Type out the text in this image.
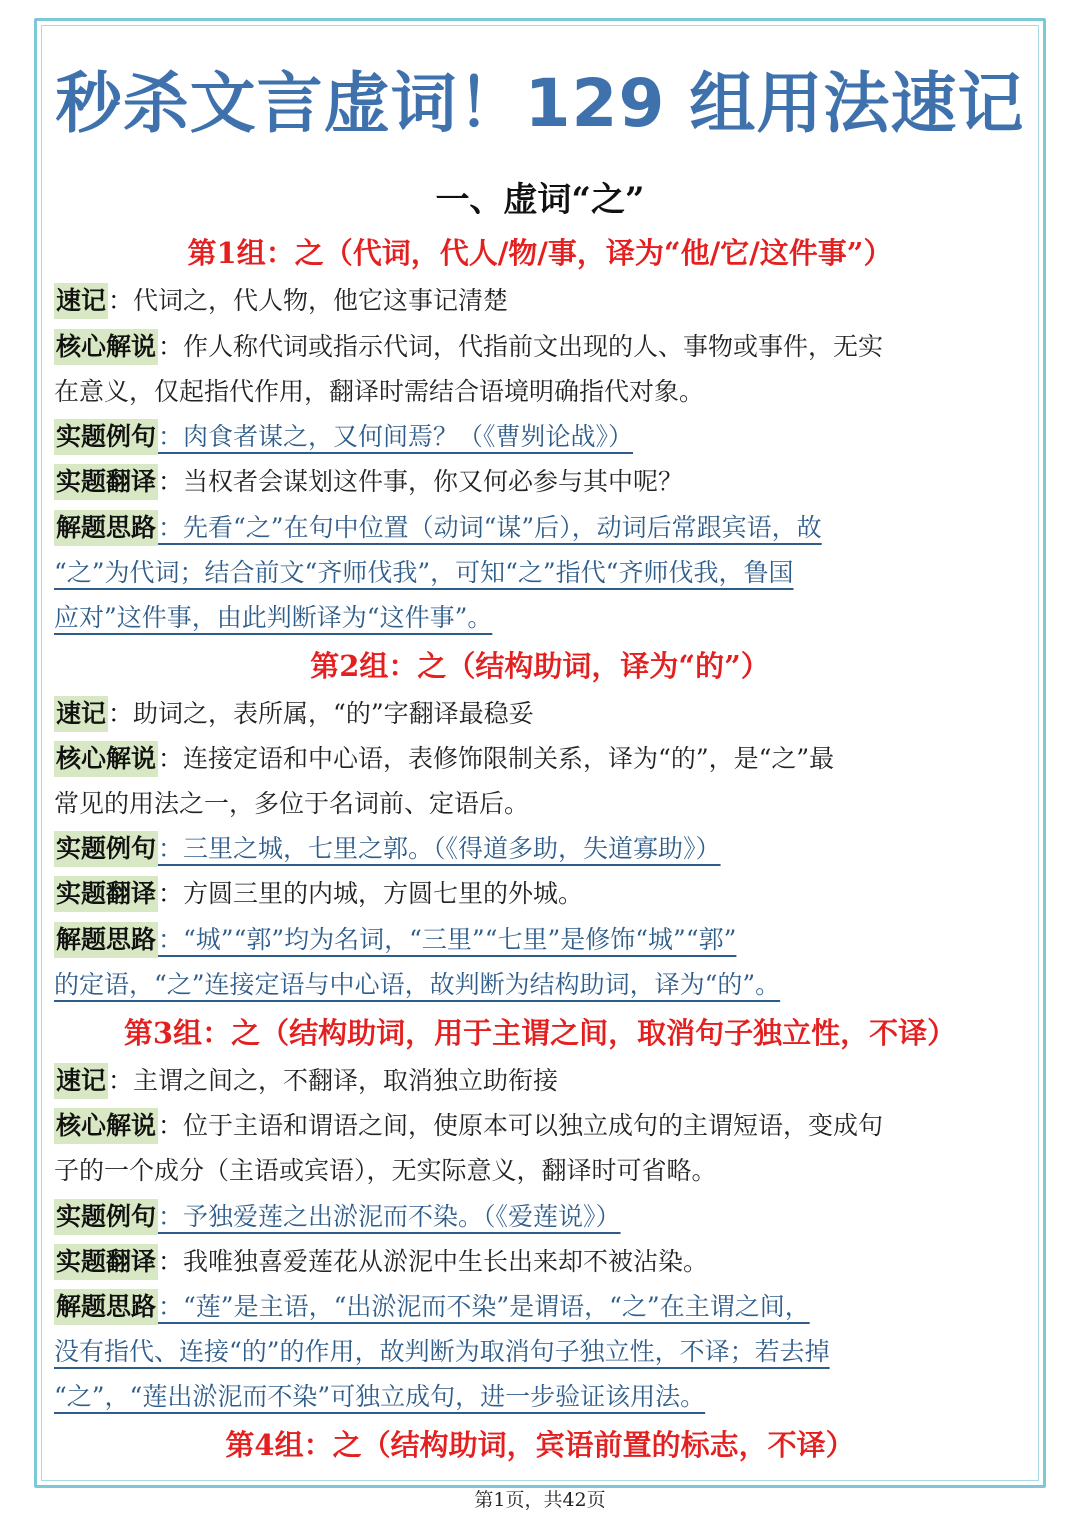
秒杀文言虚词！129 组用法速记
一、虚词“之”
第1组：之（代词，代人/物/事，译为“他/它/这件事”）
速记：代词之，代人物，他它这事记清楚
核心解说：作人称代词或指示代词，代指前文出现的人、事物或事件，无实
在意义，仅起指代作用，翻译时需结合语境明确指代对象。
实题例句：肉食者谋之，又何间焉？（《曹刿论战》）
实题翻译：当权者会谋划这件事，你又何必参与其中呢？
解题思路：先看“之”在句中位置（动词“谋”后），动词后常跟宾语，故
“之”为代词；结合前文“齐师伐我”，可知“之”指代“齐师伐我，鲁国
应对”这件事，由此判断译为“这件事”。
第2组：之（结构助词，译为“的”）
速记：助词之，表所属，“的”字翻译最稳妥
核心解说：连接定语和中心语，表修饰限制关系，译为“的”，是“之”最
常见的用法之一，多位于名词前、定语后。
实题例句：三里之城，七里之郭。（《得道多助，失道寡助》）
实题翻译：方圆三里的内城，方圆七里的外城。
解题思路：“城”“郭”均为名词，“三里”“七里”是修饰“城”“郭”
的定语，“之”连接定语与中心语，故判断为结构助词，译为“的”。
第3组：之（结构助词，用于主谓之间，取消句子独立性，不译）
速记：主谓之间之，不翻译，取消独立助衔接
核心解说：位于主语和谓语之间，使原本可以独立成句的主谓短语，变成句
子的一个成分（主语或宾语），无实际意义，翻译时可省略。
实题例句：予独爱莲之出淤泥而不染。（《爱莲说》）
实题翻译：我唯独喜爱莲花从淤泥中生长出来却不被沾染。
解题思路：“莲”是主语，“出淤泥而不染”是谓语，“之”在主谓之间，
没有指代、连接“的”的作用，故判断为取消句子独立性，不译；若去掉
“之”，“莲出淤泥而不染”可独立成句，进一步验证该用法。
第4组：之（结构助词，宾语前置的标志，不译）
第1页，共42页
